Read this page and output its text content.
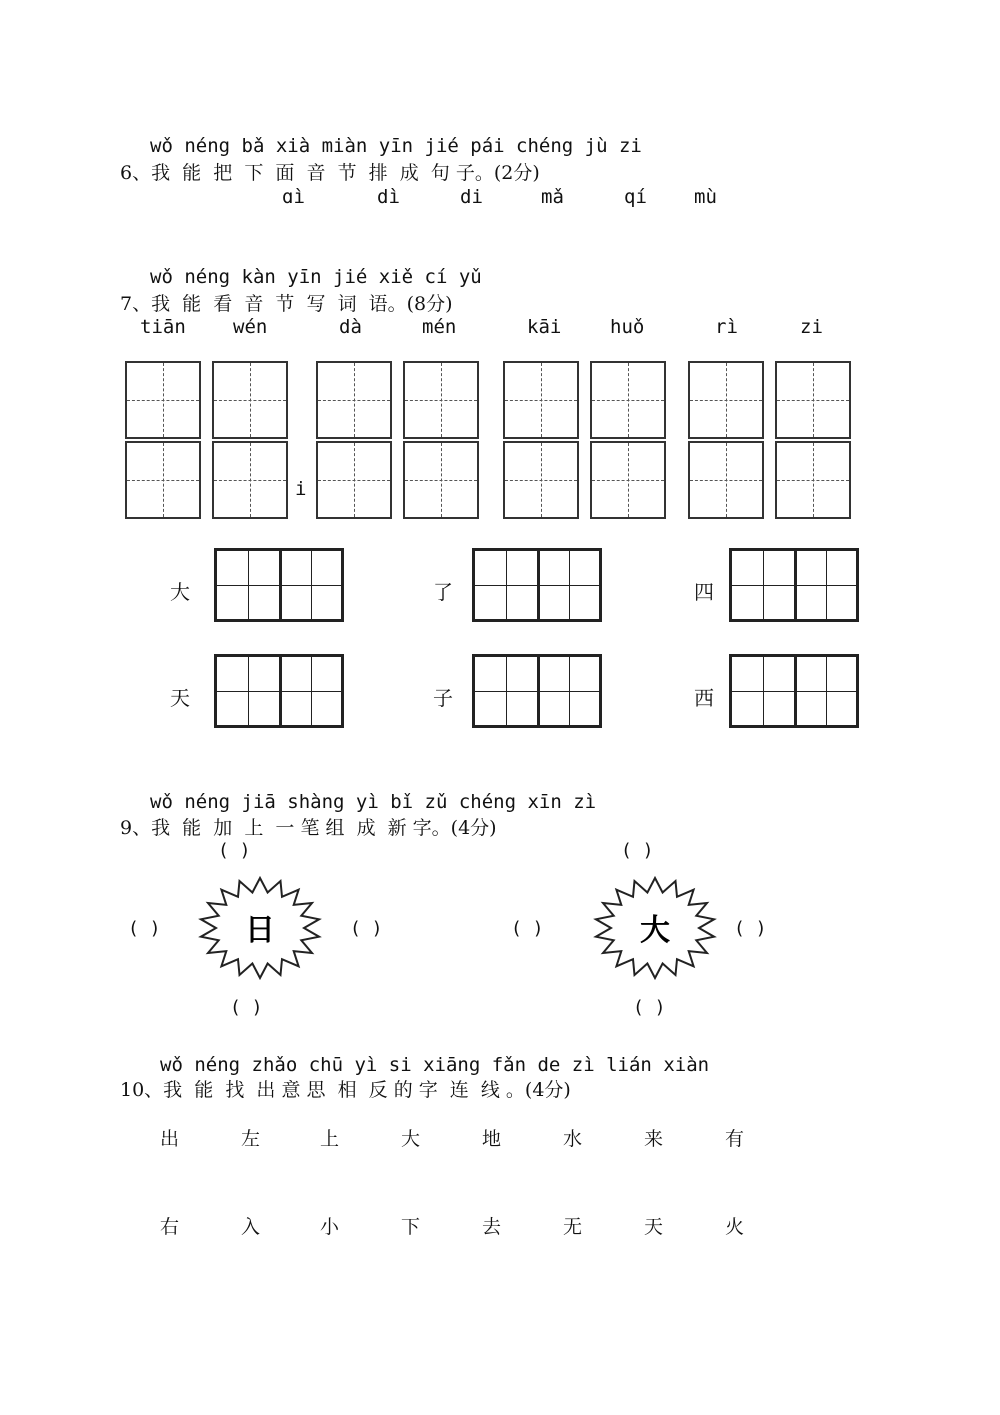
wǒ néng bǎ xià miàn yīn jié pái chéng jù zi
6、我  能  把  下  面  音  节  排  成  句 子。(2分)
ɑì	dì	di	mǎ	qí mù
wǒ néng kàn yīn jié xiě cí yǔ
7、我  能  看  音  节  写  词  语。(8分)
tiān wén	dà	mén	kāi	huǒ	rì	zi
i
大	了	四
天	子	西
wǒ néng jiā shàng yì bǐ zǔ chéng xīn zì
9、我  能  加  上  一 笔 组  成  新 字。(4分)
( )
( )	( )
( )
日
( )
( )	( )
( )
大
wǒ néng zhǎo chū yì si xiāng fǎn de zì lián xiàn
10、我  能  找  出 意 思  相  反 的 字  连  线 。(4分)
出	左	上	大	地	水	来	有
右	入	小	下	去	无	天	火
